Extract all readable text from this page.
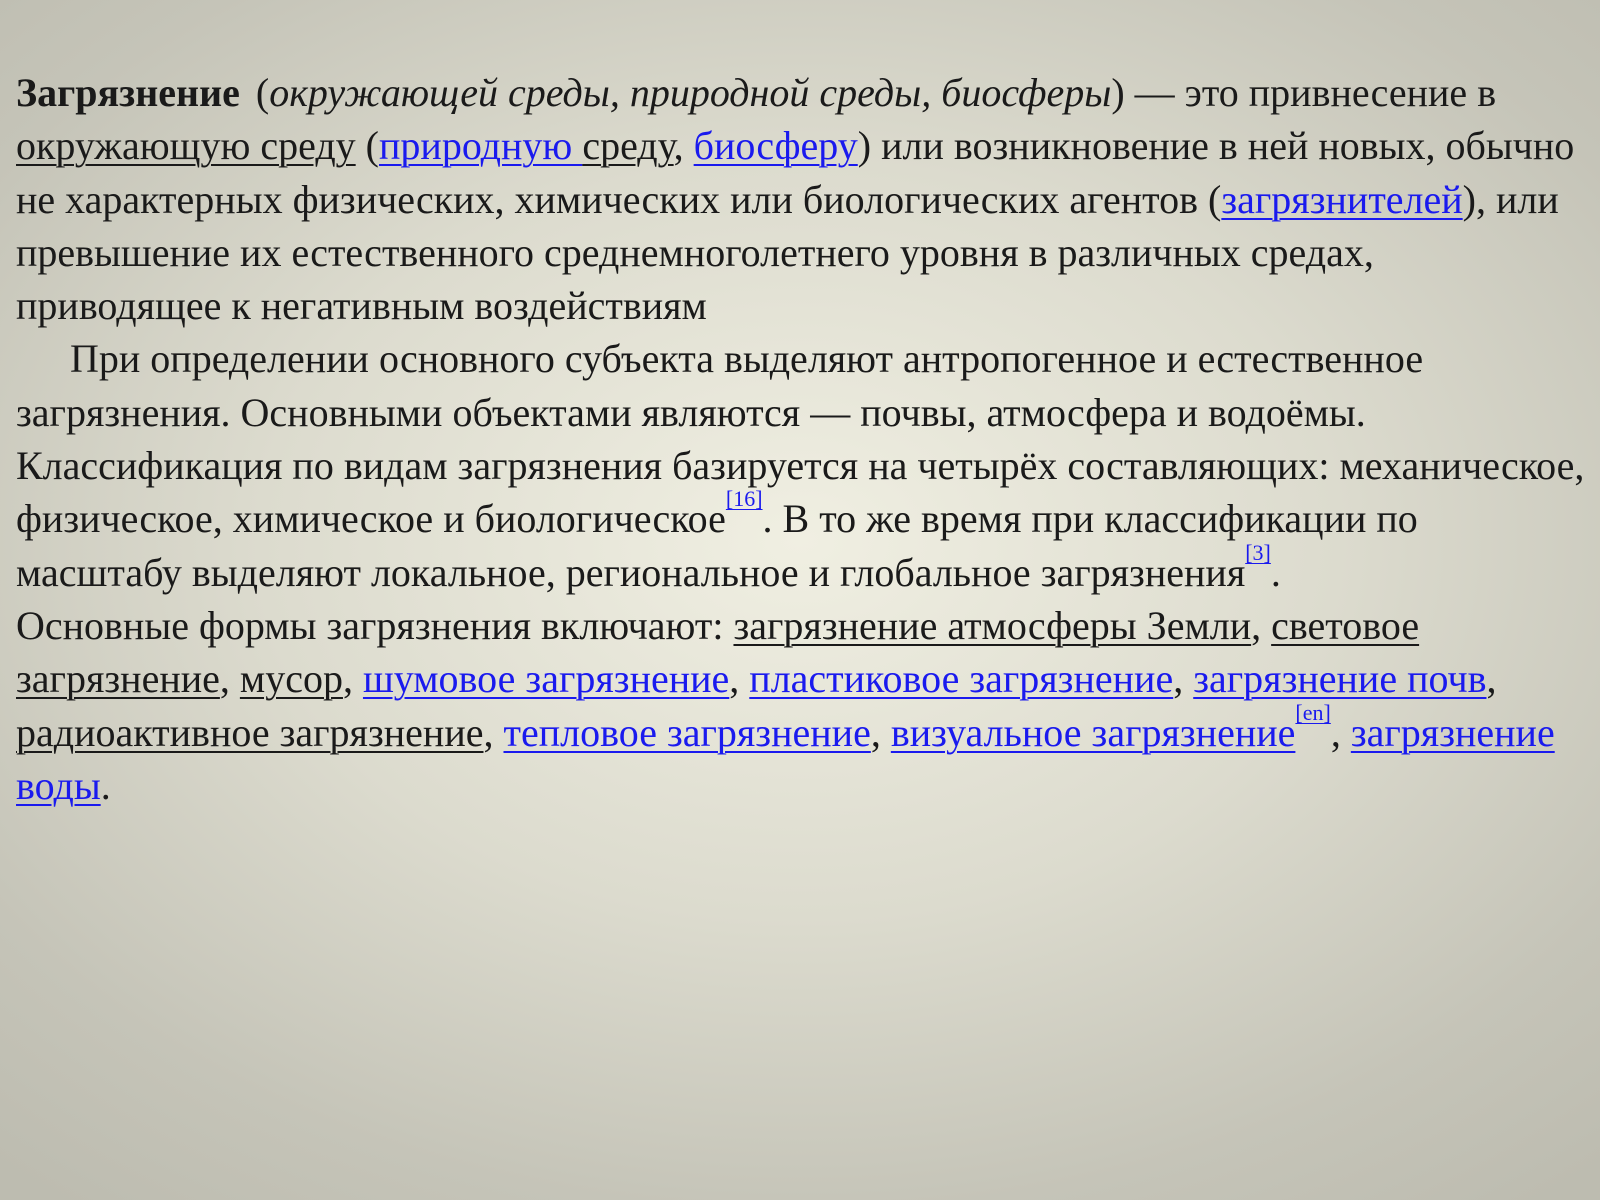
Загрязнение (окружающей среды, природной среды, биосферы) — это привнесение в окружающую среду (природную среду, биосферу) или возникновение в ней новых, обычно не характерных физических, химических или биологических агентов (загрязнителей), или превышение их естественного среднемноголетнего уровня в различных средах, приводящее к негативным воздействиям

При определении основного субъекта выделяют антропогенное и естественное загрязнения. Основными объектами являются — почвы, атмосфера и водоёмы. Классификация по видам загрязнения базируется на четырёх составляющих: механическое, физическое, химическое и биологическое[16]. В то же время при классификации по масштабу выделяют локальное, региональное и глобальное загрязнения[3].

Основные формы загрязнения включают: загрязнение атмосферы Земли, световое загрязнение, мусор, шумовое загрязнение, пластиковое загрязнение, загрязнение почв, радиоактивное загрязнение, тепловое загрязнение, визуальное загрязнение[en], загрязнение воды.
